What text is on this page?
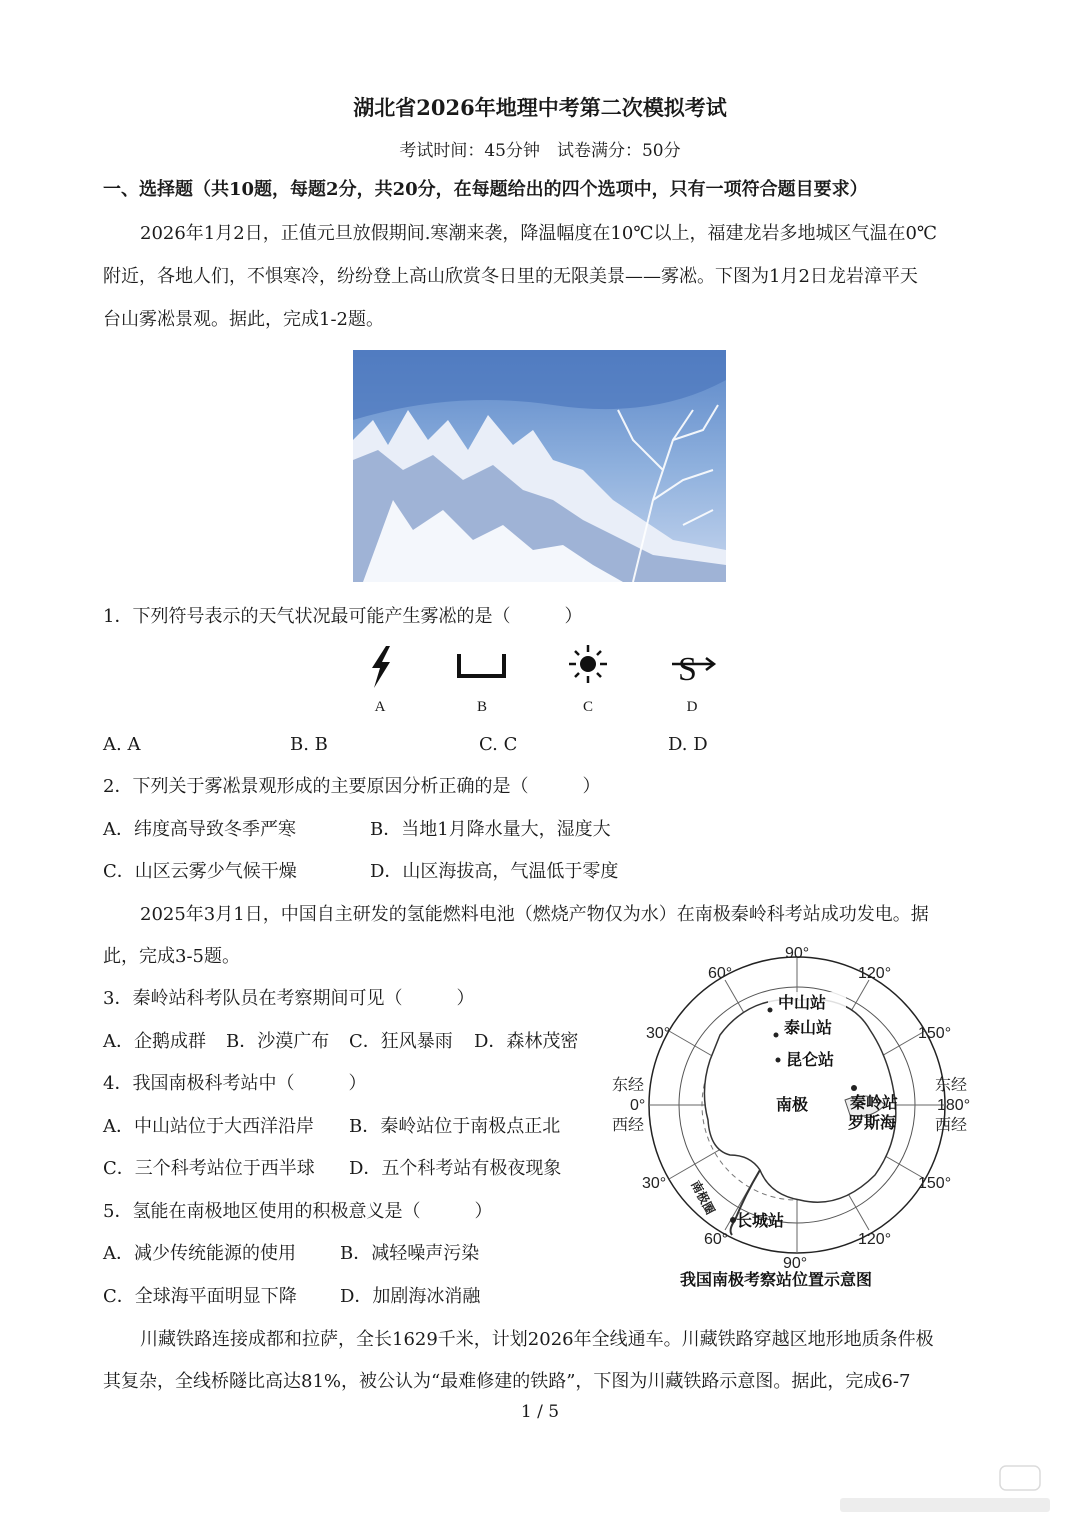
湖北省2026年地理中考第二次模拟考试
考试时间：45分钟　试卷满分：50分
一、选择题（共10题，每题2分，共20分，在每题给出的四个选项中，只有一项符合题目要求）
2026年1月2日，正值元旦放假期间.寒潮来袭，降温幅度在10℃以上，福建龙岩多地城区气温在0℃
附近，各地人们，不惧寒冷，纷纷登上高山欣赏冬日里的无限美景——雾凇。下图为1月2日龙岩漳平天
台山雾凇景观。据此，完成1-2题。
1．下列符号表示的天气状况最可能产生雾凇的是（　　　）
S
A	B	C	D
A. A	B. B	C. C	D. D
2．下列关于雾凇景观形成的主要原因分析正确的是（　　　）
A．纬度高导致冬季严寒	B．当地1月降水量大，湿度大
C．山区云雾少气候干燥	D．山区海拔高，气温低于零度
2025年3月1日，中国自主研发的氢能燃料电池（燃烧产物仅为水）在南极秦岭科考站成功发电。据
此，完成3-5题。
3．秦岭站科考队员在考察期间可见（　　　）
A．企鹅成群 B．沙漠广布 C．狂风暴雨 D．森林茂密
4．我国南极科考站中（　　　）
A．中山站位于大西洋沿岸 B．秦岭站位于南极点正北
C．三个科考站位于西半球 D．五个科考站有极夜现象
5．氢能在南极地区使用的积极意义是（　　　）
A．减少传统能源的使用 B．减轻噪声污染
C．全球海平面明显下降 D．加剧海冰消融
90°
90°
60°	120°
30°	150°
30°	150°
60°	120°
东经
0°
西经
东经
180°
西经
南极
中山站
泰山站
昆仑站
秦岭站
罗斯海
长城站
南极圈
我国南极考察站位置示意图
川藏铁路连接成都和拉萨，全长1629千米，计划2026年全线通车。川藏铁路穿越区地形地质条件极
其复杂，全线桥隧比高达81%，被公认为“最难修建的铁路”，下图为川藏铁路示意图。据此，完成6-7
1 / 5
